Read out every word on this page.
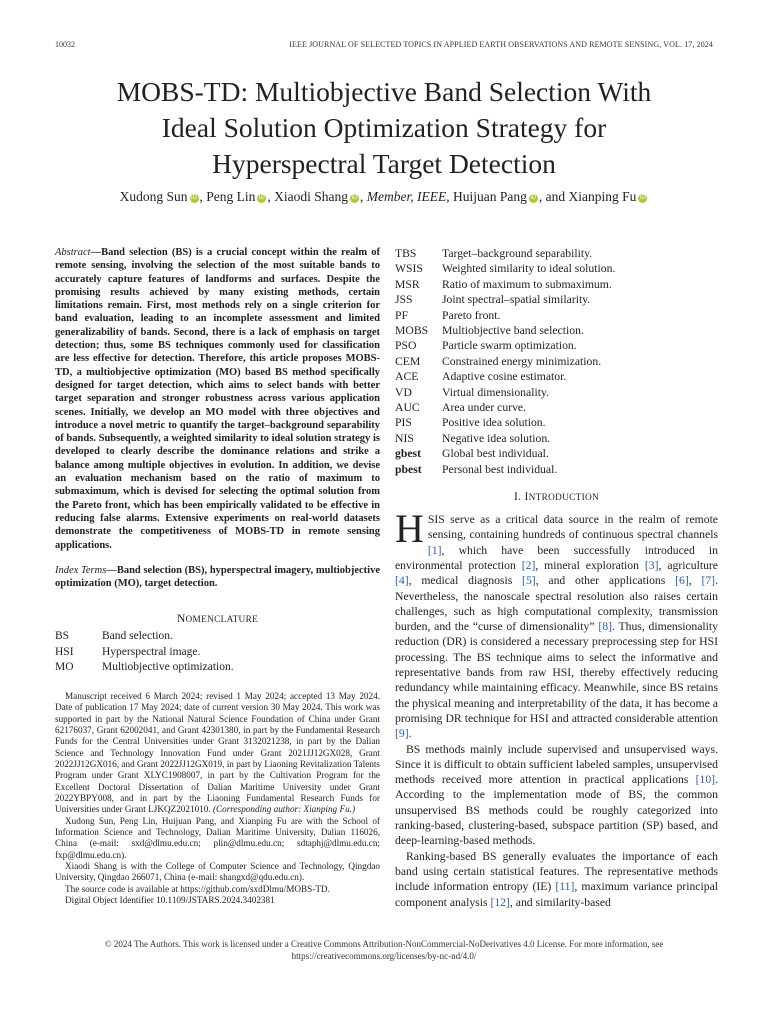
10032	IEEE JOURNAL OF SELECTED TOPICS IN APPLIED EARTH OBSERVATIONS AND REMOTE SENSING, VOL. 17, 2024
MOBS-TD: Multiobjective Band Selection With
Ideal Solution Optimization Strategy for
Hyperspectral Target Detection
Xudong Sun iD , Peng Lin iD , Xiaodi Shang iD , Member, IEEE, Huijuan Pang iD , and Xianping Fu iD

Abstract—Band selection (BS) is a crucial concept within the realm of remote sensing, involving the selection of the most suitable bands to accurately capture features of landforms and surfaces. Despite the promising results achieved by many existing methods, certain limitations remain. First, most methods rely on a single criterion for band evaluation, leading to an incomplete assessment and limited generalizability of bands. Second, there is a lack of emphasis on target detection; thus, some BS techniques commonly used for classification are less effective for detection. Therefore, this article proposes MOBS-TD, a multiobjective optimization (MO) based BS method specifically designed for target detection, which aims to select bands with better target separation and stronger robustness across various application scenes. Initially, we develop an MO model with three objectives and introduce a novel metric to quantify the target–background separability of bands. Subsequently, a weighted similarity to ideal solution strategy is developed to clearly describe the dominance relations and strike a balance among multiple objectives in evolution. In addition, we devise an evaluation mechanism based on the ratio of maximum to submaximum, which is devised for selecting the optimal solution from the Pareto front, which has been empirically validated to be effective in reducing false alarms. Extensive experiments on real-world datasets demonstrate the competitiveness of MOBS-TD in remote sensing applications.

Index Terms—Band selection (BS), hyperspectral imagery, multiobjective optimization (MO), target detection.

NOMENCLATURE
BS	Band selection.
HSI	Hyperspectral image.
MO	Multiobjective optimization.

Manuscript received 6 March 2024; revised 1 May 2024; accepted 13 May 2024. Date of publication 17 May 2024; date of current version 30 May 2024. This work was supported in part by the National Natural Science Foundation of China under Grant 62176037, Grant 62002041, and Grant 42301380, in part by the Fundamental Research Funds for the Central Universities under Grant 3132021238, in part by the Dalian Science and Technology Innovation Fund under Grant 2021JJ12GX028, Grant 2022JJ12GX016, and Grant 2022JJ12GX019, in part by Liaoning Revitalization Talents Program under Grant XLYC1908007, in part by the Cultivation Program for the Excellent Doctoral Dissertation of Dalian Maritime University under Grant 2022YBPY008, and in part by the Liaoning Fundamental Research Funds for Universities under Grant LJKQZ2021010. (Corresponding author: Xianping Fu.)

Xudong Sun, Peng Lin, Huijuan Pang, and Xianping Fu are with the School of Information Science and Technology, Dalian Maritime University, Dalian 116026, China (e-mail: sxd@dlmu.edu.cn; plin@dlmu.edu.cn; sdtaphj@dlmu.edu.cn; fxp@dlmu.edu.cn).

Xiaodi Shang is with the College of Computer Science and Technology, Qingdao University, Qingdao 266071, China (e-mail: shangxd@qdu.edu.cn).

The source code is available at https://github.com/sxdDlmu/MOBS-TD.

Digital Object Identifier 10.1109/JSTARS.2024.3402381

TBS	Target–background separability.
WSIS	Weighted similarity to ideal solution.
MSR	Ratio of maximum to submaximum.
JSS	Joint spectral–spatial similarity.
PF	Pareto front.
MOBS	Multiobjective band selection.
PSO	Particle swarm optimization.
CEM	Constrained energy minimization.
ACE	Adaptive cosine estimator.
VD	Virtual dimensionality.
AUC	Area under curve.
PIS	Positive idea solution.
NIS	Negative idea solution.
gbest	Global best individual.
pbest	Personal best individual.
I. INTRODUCTION

HSIS serve as a critical data source in the realm of remote sensing, containing hundreds of continuous spectral channels [1], which have been successfully introduced in environmental protection [2], mineral exploration [3], agriculture [4], medical diagnosis [5], and other applications [6], [7]. Nevertheless, the nanoscale spectral resolution also raises certain challenges, such as high computational complexity, transmission burden, and the “curse of dimensionality” [8]. Thus, dimensionality reduction (DR) is considered a necessary preprocessing step for HSI processing. The BS technique aims to select the informative and representative bands from raw HSI, thereby effectively reducing redundancy while maintaining efficacy. Meanwhile, since BS retains the physical meaning and interpretability of the data, it has become a promising DR technique for HSI and attracted considerable attention [9].

BS methods mainly include supervised and unsupervised ways. Since it is difficult to obtain sufficient labeled samples, unsupervised methods received more attention in practical applications [10]. According to the implementation mode of BS, the common unsupervised BS methods could be roughly categorized into ranking-based, clustering-based, subspace partition (SP) based, and deep-learning-based methods.

Ranking-based BS generally evaluates the importance of each band using certain statistical features. The representative methods include information entropy (IE) [11], maximum variance principal component analysis [12], and similarity-based

© 2024 The Authors. This work is licensed under a Creative Commons Attribution-NonCommercial-NoDerivatives 4.0 License. For more information, see
https://creativecommons.org/licenses/by-nc-nd/4.0/
